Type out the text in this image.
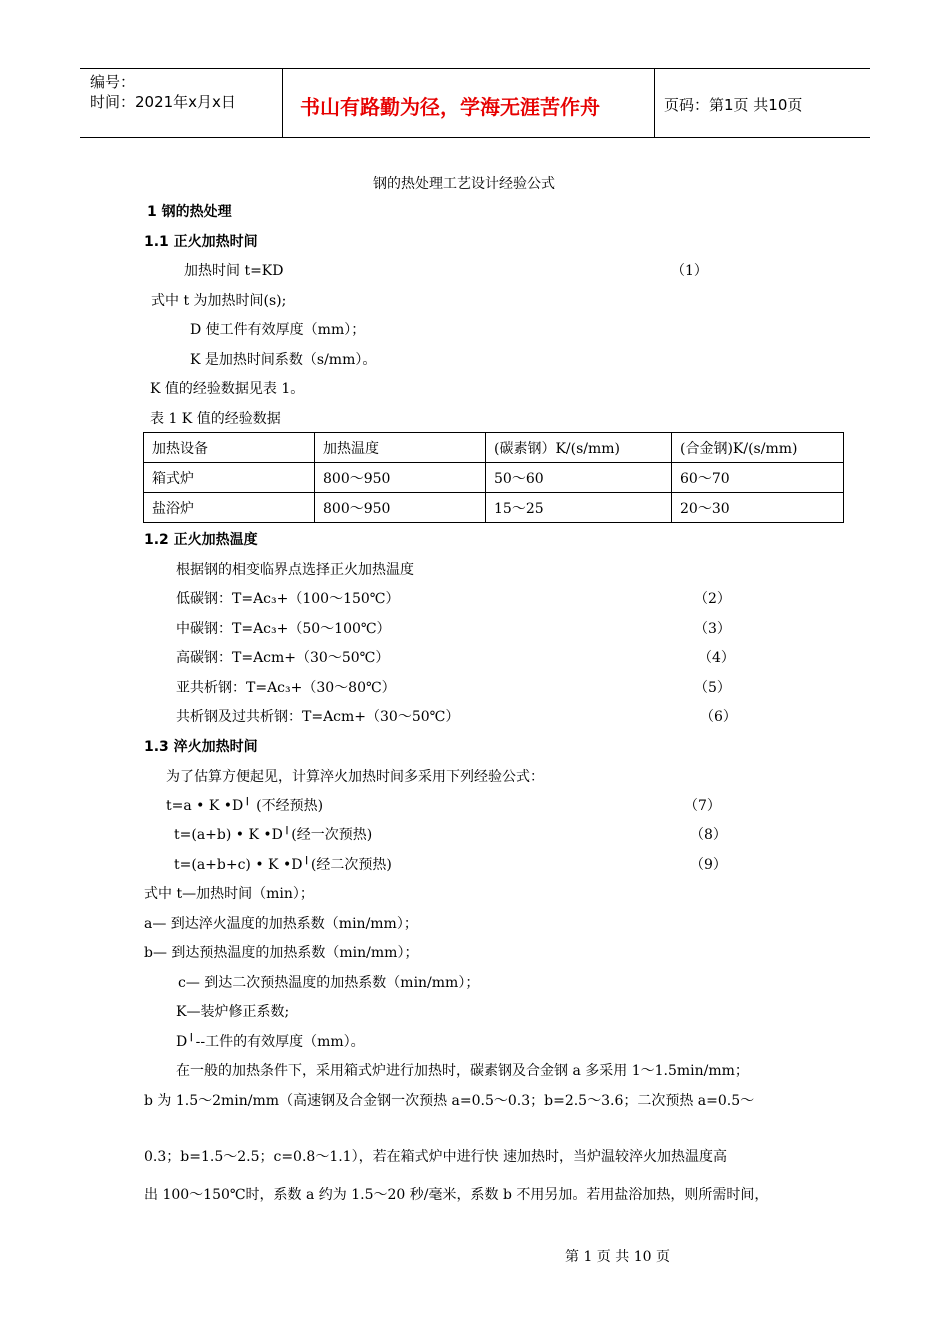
编号：
时间：2021年x月x日	书山有路勤为径，学海无涯苦作舟	页码：第1页 共10页
钢的热处理工艺设计经验公式
1 钢的热处理
1.1 正火加热时间
加热时间 t=KD	（1）
式中 t 为加热时间(s);
D 使工件有效厚度（mm）；
K 是加热时间系数（s/mm）。
K 值的经验数据见表 1。
表 1 K 值的经验数据
加热设备	加热温度	(碳素钢）K/(s/mm)	(合金钢)K/(s/mm)
箱式炉	800～950	50～60	60～70
盐浴炉	800～950	15～25	20～30
1.2 正火加热温度
根据钢的相变临界点选择正火加热温度
低碳钢：T=Ac₃+（100～150℃）	（2）
中碳钢：T=Ac₃+（50～100℃）	（3）
高碳钢：T=Acm+（30～50℃）	（4）
亚共析钢：T=Ac₃+（30～80℃）	（5）
共析钢及过共析钢：T=Acm+（30～50℃）	（6）
1.3 淬火加热时间
为了估算方便起见，计算淬火加热时间多采用下列经验公式：
t=a • K •D╵ (不经预热)	（7）
t=(a+b) • K •D╵(经一次预热)	（8）
t=(a+b+c) • K •D╵(经二次预热)	（9）
式中 t—加热时间（min）；
a— 到达淬火温度的加热系数（min/mm）；
b— 到达预热温度的加热系数（min/mm）；
c— 到达二次预热温度的加热系数（min/mm）；
K—装炉修正系数;
D╵--工件的有效厚度（mm）。
在一般的加热条件下，采用箱式炉进行加热时，碳素钢及合金钢 a 多采用 1～1.5min/mm；
b 为 1.5～2min/mm（高速钢及合金钢一次预热 a=0.5～0.3；b=2.5～3.6；二次预热 a=0.5～
0.3；b=1.5～2.5；c=0.8～1.1），若在箱式炉中进行快 速加热时，当炉温较淬火加热温度高
出 100～150℃时，系数 a 约为 1.5～20 秒/毫米，系数 b 不用另加。若用盐浴加热，则所需时间，
第 1 页 共 10 页
